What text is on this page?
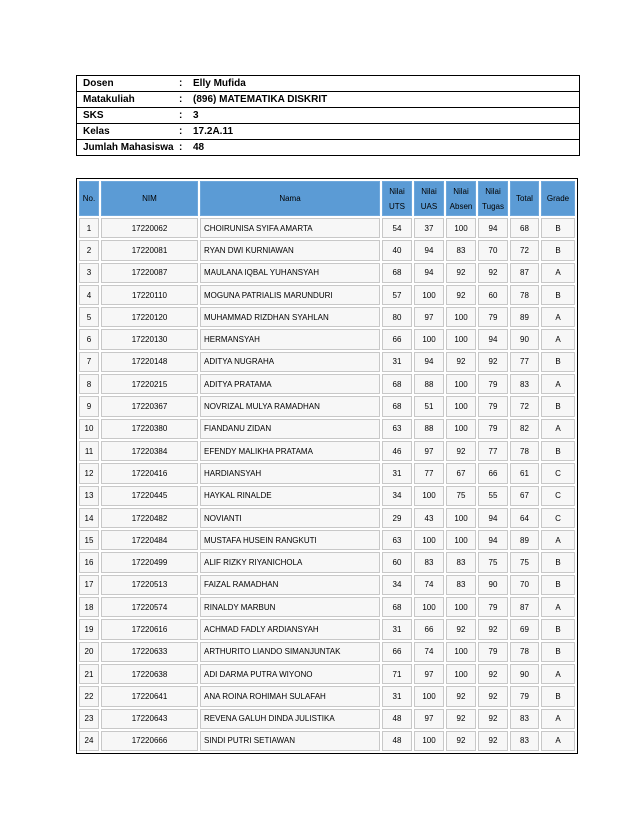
Dosen	:	Elly Mufida
Matakuliah	:	(896) MATEMATIKA DISKRIT
SKS	:	3
Kelas	:	17.2A.11
Jumlah Mahasiswa :	48
No.	NIM	Nama	Nilai UTS	Nilai UAS	Nilai Absen	Nilai Tugas	Total	Grade
1	17220062	CHOIRUNISA SYIFA AMARTA	54	37	100	94	68	B
2	17220081	RYAN DWI KURNIAWAN	40	94	83	70	72	B
3	17220087	MAULANA IQBAL YUHANSYAH	68	94	92	92	87	A
4	17220110	MOGUNA PATRIALIS MARUNDURI	57	100	92	60	78	B
5	17220120	MUHAMMAD RIZDHAN SYAHLAN	80	97	100	79	89	A
6	17220130	HERMANSYAH	66	100	100	94	90	A
7	17220148	ADITYA NUGRAHA	31	94	92	92	77	B
8	17220215	ADITYA PRATAMA	68	88	100	79	83	A
9	17220367	NOVRIZAL MULYA RAMADHAN	68	51	100	79	72	B
10	17220380	FIANDANU ZIDAN	63	88	100	79	82	A
11	17220384	EFENDY MALIKHA PRATAMA	46	97	92	77	78	B
12	17220416	HARDIANSYAH	31	77	67	66	61	C
13	17220445	HAYKAL RINALDE	34	100	75	55	67	C
14	17220482	NOVIANTI	29	43	100	94	64	C
15	17220484	MUSTAFA HUSEIN RANGKUTI	63	100	100	94	89	A
16	17220499	ALIF RIZKY RIYANICHOLA	60	83	83	75	75	B
17	17220513	FAIZAL RAMADHAN	34	74	83	90	70	B
18	17220574	RINALDY MARBUN	68	100	100	79	87	A
19	17220616	ACHMAD FADLY ARDIANSYAH	31	66	92	92	69	B
20	17220633	ARTHURITO LIANDO SIMANJUNTAK	66	74	100	79	78	B
21	17220638	ADI DARMA PUTRA WIYONO	71	97	100	92	90	A
22	17220641	ANA ROINA ROHIMAH SULAFAH	31	100	92	92	79	B
23	17220643	REVENA GALUH DINDA JULISTIKA	48	97	92	92	83	A
24	17220666	SINDI PUTRI SETIAWAN	48	100	92	92	83	A
